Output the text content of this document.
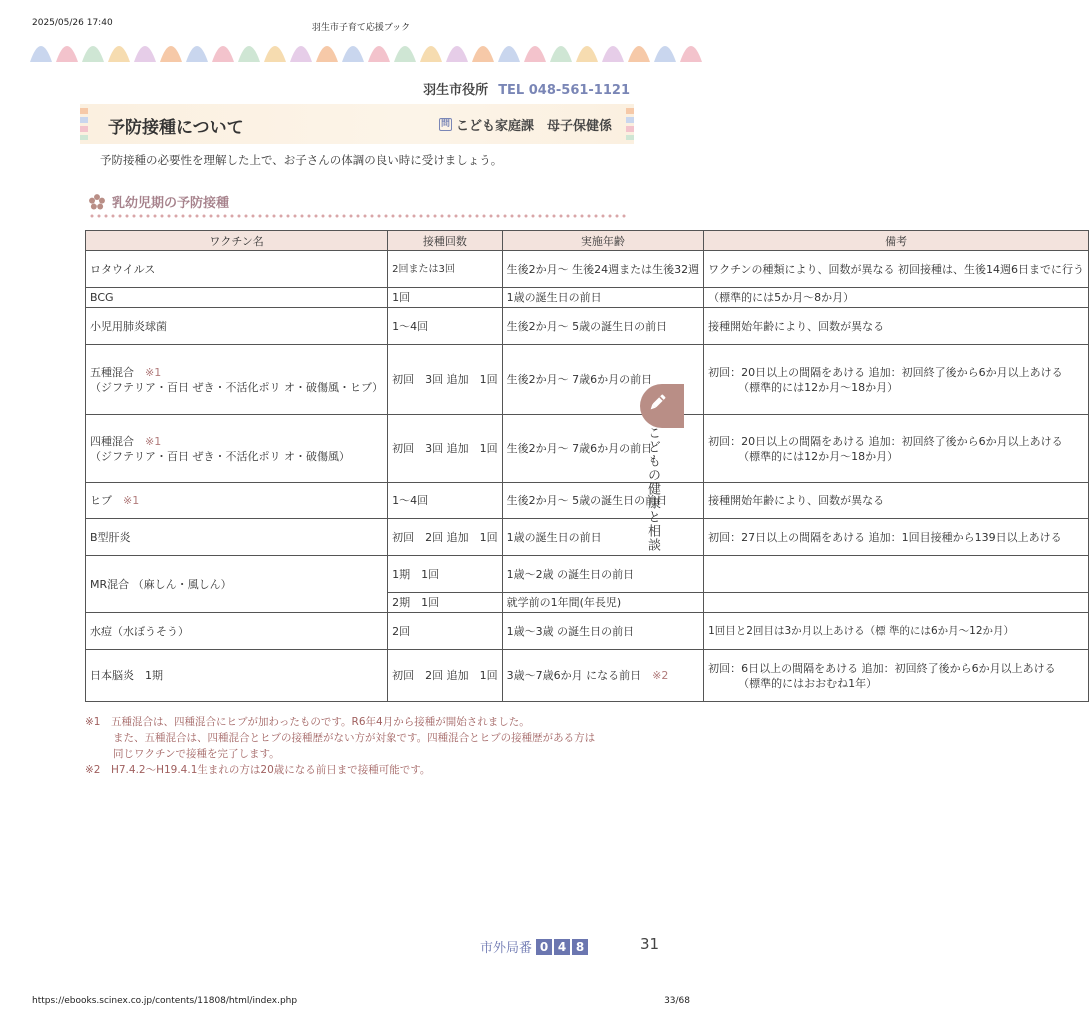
2025/05/26 17:40	羽生市子育て応援ブック
羽生市役所 TEL 048-561-1121
予防接種について	問 こども家庭課　母子保健係
予防接種の必要性を理解した上で、お子さんの体調の良い時に受けましょう。
乳幼児期の予防接種
ワクチン名	接種回数	実施年齢	備考
ロタウイルス	2回または3回	生後2か月～ 生後24週または生後32週	ワクチンの種類により、回数が異なる 初回接種は、生後14週6日までに行う
BCG	1回	1歳の誕生日の前日	（標準的には5か月～8か月）
小児用肺炎球菌	1～4回	生後2か月～ 5歳の誕生日の前日	接種開始年齢により、回数が異なる
五種混合　※1
（ジフテリア・百日 ぜき・不活化ポリ オ・破傷風・ヒブ）	初回　3回 追加　1回	生後2か月～ 7歳6か月の前日	初回：20日以上の間隔をあける 追加：初回終了後から6か月以上あける
（標準的には12か月～18か月）
四種混合　※1
（ジフテリア・百日 ぜき・不活化ポリ オ・破傷風）	初回　3回 追加　1回	生後2か月～ 7歳6か月の前日	初回：20日以上の間隔をあける 追加：初回終了後から6か月以上あける
（標準的には12か月～18か月）
ヒブ　※1	1～4回	生後2か月～ 5歳の誕生日の前日	接種開始年齢により、回数が異なる
B型肝炎	初回　2回 追加　1回	1歳の誕生日の前日	初回：27日以上の間隔をあける 追加：1回目接種から139日以上あける
MR混合 （麻しん・風しん）	1期　1回	1歳～2歳 の誕生日の前日	
	2期　1回	就学前の1年間(年長児)	
水痘（水ぼうそう）	2回	1歳～3歳 の誕生日の前日	1回目と2回目は3か月以上あける（標 準的には6か月～12か月）
日本脳炎　1期	初回　2回 追加　1回	3歳～7歳6か月 になる前日　※2	初回：6日以上の間隔をあける 追加：初回終了後から6か月以上あける
（標準的にはおおむね1年）
※1　五種混合は、四種混合にヒブが加わったものです。R6年4月から接種が開始されました。
また、五種混合は、四種混合とヒブの接種歴がない方が対象です。四種混合とヒブの接種歴がある方は
同じワクチンで接種を完了します。
※2　H7.4.2～H19.4.1生まれの方は20歳になる前日まで接種可能です。
こどもの健康と相談
市外局番 0 4 8	31
https://ebooks.scinex.co.jp/contents/11808/html/index.php	33/68
